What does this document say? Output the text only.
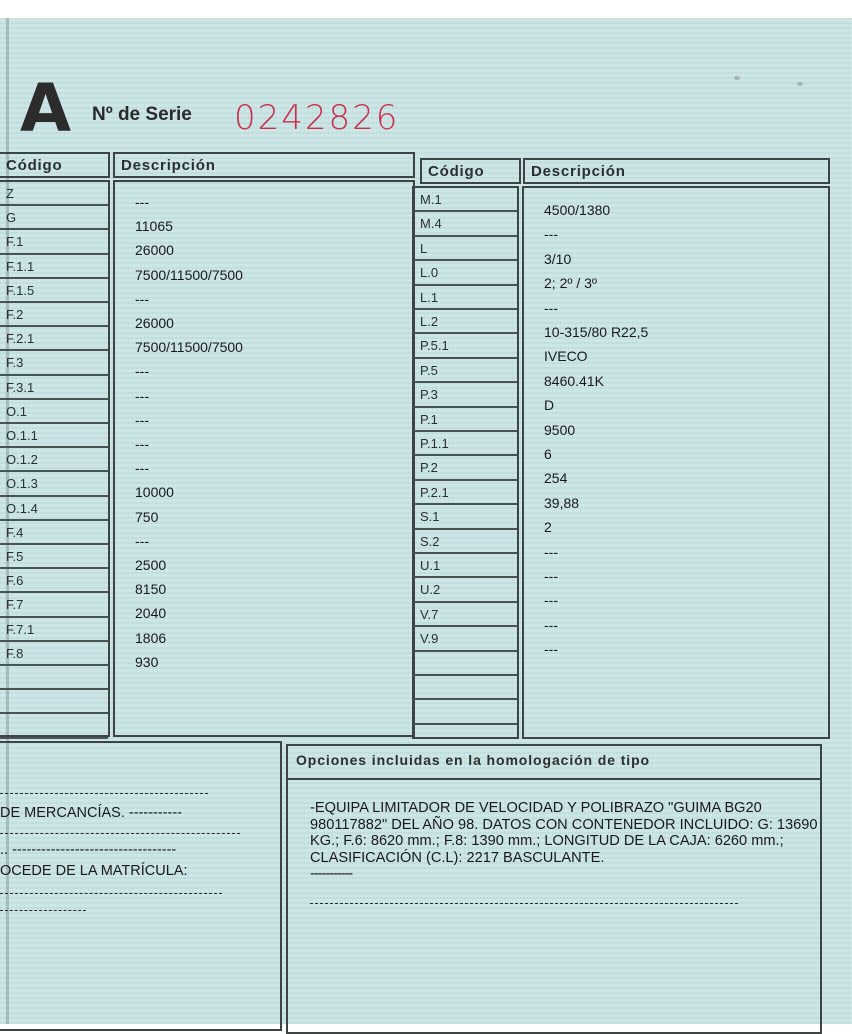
A Nº de Serie 0242826
Código	Descripción
Z
G
F.1
F.1.1
F.1.5
F.2
F.2.1
F.3
F.3.1
O.1
O.1.1
O.1.2
O.1.3
O.1.4
F.4
F.5
F.6
F.7
F.7.1
F.8
---
11065
26000
7500/11500/7500
---
26000
7500/11500/7500
---
---
---
---
---
10000
750
---
2500
8150
2040
1806
930
Código	Descripción
M.1
M.4
L
L.0
L.1
L.2
P.5.1
P.5
P.3
P.1
P.1.1
P.2
P.2.1
S.1
S.2
U.1
U.2
V.7
V.9
4500/1380
---
3/10
2; 2º / 3º
---
10-315/80 R22,5
IVECO
8460.41K
D
9500
6
254
39,88
2
---
---
---
---
---
DE MERCANCÍAS. -----------
.. ----------------------------------
OCEDE DE LA MATRÍCULA:
Opciones incluidas en la homologación de tipo
-EQUIPA LIMITADOR DE VELOCIDAD Y POLIBRAZO "GUIMA BG20 980117882" DEL AÑO 98. DATOS CON CONTENEDOR INCLUIDO: G: 13690 KG.; F.6: 8620 mm.; F.8: 1390 mm.; LONGITUD DE LA CAJA: 6260 mm.; CLASIFICACIÓN (C.L): 2217 BASCULANTE.
-----------
